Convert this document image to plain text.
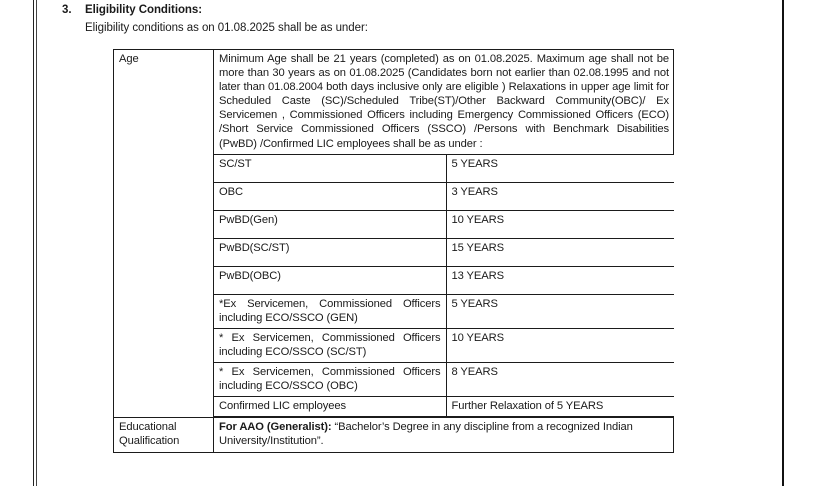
3.	Eligibility Conditions:
Eligibility conditions as on 01.08.2025 shall be as under:
Age	Minimum Age shall be 21 years (completed) as on 01.08.2025. Maximum age shall not be more than 30 years as on 01.08.2025 (Candidates born not earlier than 02.08.1995 and not later than 01.08.2004 both days inclusive only are eligible ) Relaxations in upper age limit for Scheduled Caste (SC)/Scheduled Tribe(ST)/Other Backward Community(OBC)/ Ex Servicemen , Commissioned Officers including Emergency Commissioned Officers (ECO) /Short Service Commissioned Officers (SSCO) /Persons with Benchmark Disabilities (PwBD) /Confirmed LIC employees shall be as under :

SC/ST	5 YEARS
OBC	3 YEARS
PwBD(Gen)	10 YEARS
PwBD(SC/ST)	15 YEARS
PwBD(OBC)	13 YEARS
*Ex Servicemen, Commissioned Officers including ECO/SSCO (GEN)	5 YEARS
* Ex Servicemen, Commissioned Officers including ECO/SSCO (SC/ST)	10 YEARS
* Ex Servicemen, Commissioned Officers including ECO/SSCO (OBC)	8 YEARS
Confirmed LIC employees	Further Relaxation of 5 YEARS

Educational
Qualification	For AAO (Generalist): “Bachelor’s Degree in any discipline from a recognized Indian University/Institution”.
